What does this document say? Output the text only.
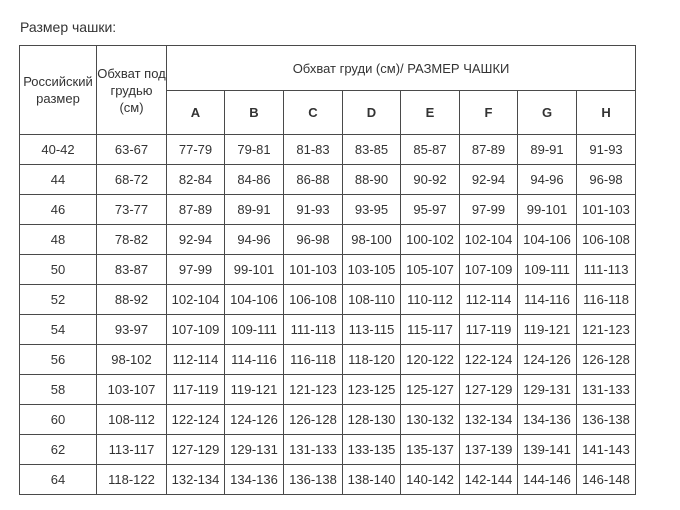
Размер чашки:
Российский размер	Обхват под грудью (см)	Обхват груди (см)/ РАЗМЕР ЧАШКИ							
		A	B	C	D	E	F	G	H
40-42	63-67	77-79	79-81	81-83	83-85	85-87	87-89	89-91	91-93
44	68-72	82-84	84-86	86-88	88-90	90-92	92-94	94-96	96-98
46	73-77	87-89	89-91	91-93	93-95	95-97	97-99	99-101	101-103
48	78-82	92-94	94-96	96-98	98-100	100-102	102-104	104-106	106-108
50	83-87	97-99	99-101	101-103	103-105	105-107	107-109	109-111	111-113
52	88-92	102-104	104-106	106-108	108-110	110-112	112-114	114-116	116-118
54	93-97	107-109	109-111	111-113	113-115	115-117	117-119	119-121	121-123
56	98-102	112-114	114-116	116-118	118-120	120-122	122-124	124-126	126-128
58	103-107	117-119	119-121	121-123	123-125	125-127	127-129	129-131	131-133
60	108-112	122-124	124-126	126-128	128-130	130-132	132-134	134-136	136-138
62	113-117	127-129	129-131	131-133	133-135	135-137	137-139	139-141	141-143
64	118-122	132-134	134-136	136-138	138-140	140-142	142-144	144-146	146-148
